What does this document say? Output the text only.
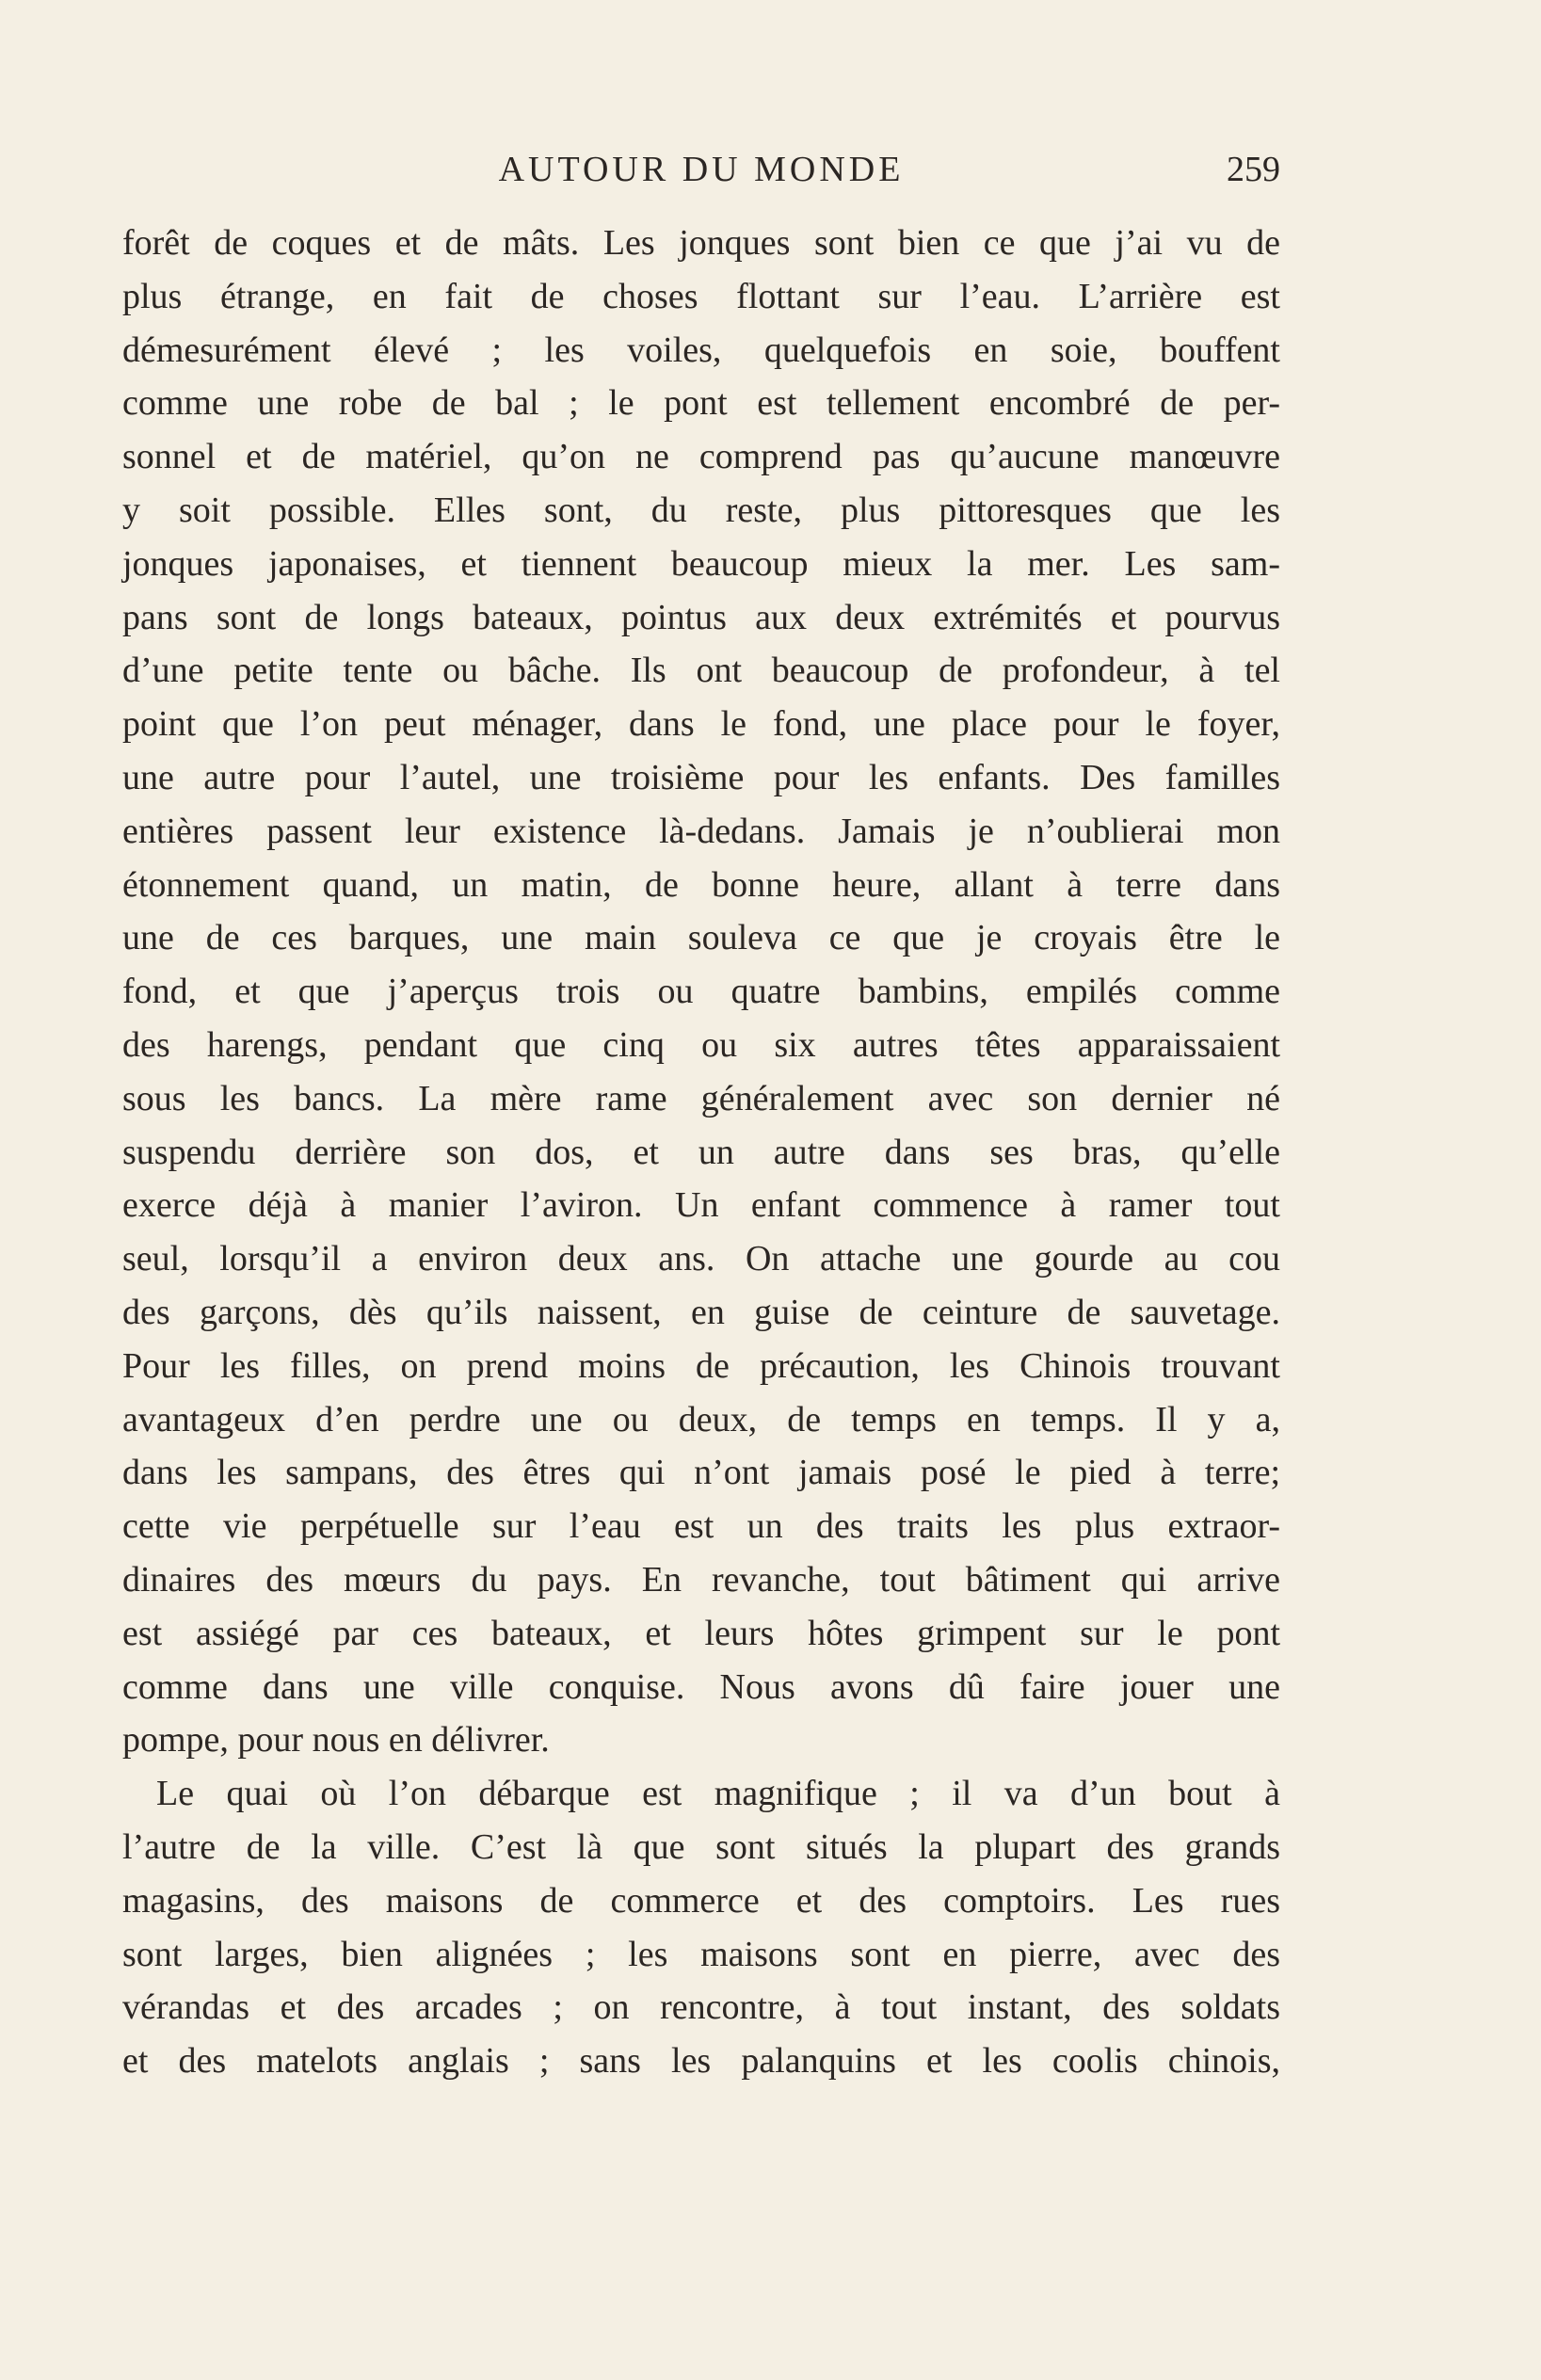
AUTOUR DU MONDE	259
forêt de coques et de mâts. Les jonques sont bien ce que j’ai vu de
plus étrange, en fait de choses flottant sur l’eau. L’arrière est
démesurément élevé ; les voiles, quelquefois en soie, bouffent
comme une robe de bal ; le pont est tellement encombré de per-
sonnel et de matériel, qu’on ne comprend pas qu’aucune manœuvre
y soit possible. Elles sont, du reste, plus pittoresques que les
jonques japonaises, et tiennent beaucoup mieux la mer. Les sam-
pans sont de longs bateaux, pointus aux deux extrémités et pourvus
d’une petite tente ou bâche. Ils ont beaucoup de profondeur, à tel
point que l’on peut ménager, dans le fond, une place pour le foyer,
une autre pour l’autel, une troisième pour les enfants. Des familles
entières passent leur existence là-dedans. Jamais je n’oublierai mon
étonnement quand, un matin, de bonne heure, allant à terre dans
une de ces barques, une main souleva ce que je croyais être le
fond, et que j’aperçus trois ou quatre bambins, empilés comme
des harengs, pendant que cinq ou six autres têtes apparaissaient
sous les bancs. La mère rame généralement avec son dernier né
suspendu derrière son dos, et un autre dans ses bras, qu’elle
exerce déjà à manier l’aviron. Un enfant commence à ramer tout
seul, lorsqu’il a environ deux ans. On attache une gourde au cou
des garçons, dès qu’ils naissent, en guise de ceinture de sauvetage.
Pour les filles, on prend moins de précaution, les Chinois trouvant
avantageux d’en perdre une ou deux, de temps en temps. Il y a,
dans les sampans, des êtres qui n’ont jamais posé le pied à terre;
cette vie perpétuelle sur l’eau est un des traits les plus extraor-
dinaires des mœurs du pays. En revanche, tout bâtiment qui arrive
est assiégé par ces bateaux, et leurs hôtes grimpent sur le pont
comme dans une ville conquise. Nous avons dû faire jouer une
pompe, pour nous en délivrer.
Le quai où l’on débarque est magnifique ; il va d’un bout à
l’autre de la ville. C’est là que sont situés la plupart des grands
magasins, des maisons de commerce et des comptoirs. Les rues
sont larges, bien alignées ; les maisons sont en pierre, avec des
vérandas et des arcades ; on rencontre, à tout instant, des soldats
et des matelots anglais ; sans les palanquins et les coolis chinois,
